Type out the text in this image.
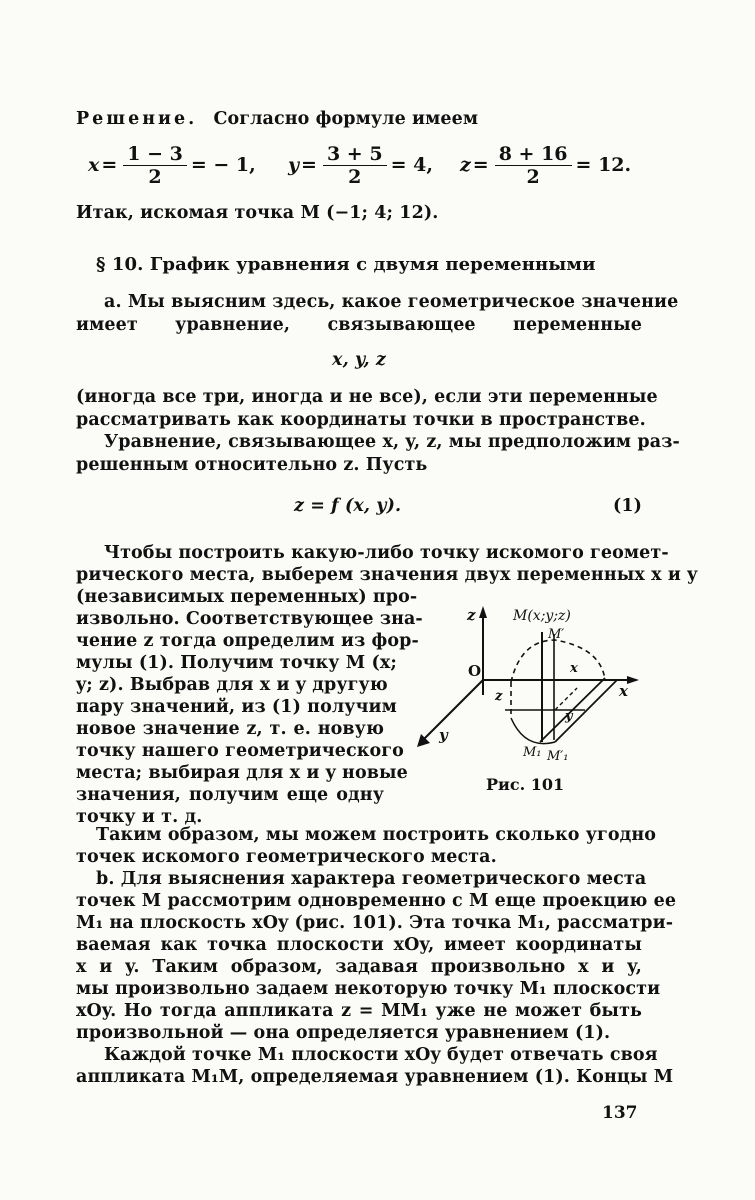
Решение. Согласно формуле имеем
$x = \frac{1 - 3}{2}$ = − 1, $y = \frac{3 + 5}{2} = 4$, $z = \frac{8 + 16}{2} = 12$.
Итак, искомая точка M (−1; 4; 12).
§ 10. График уравнения с двумя переменными
a. Мы выясним здесь, какое геометрическое значение
имеет уравнение, связывающее переменные
x, y, z
(иногда все три, иногда и не все), если эти переменные
рассматривать как координаты точки в пространстве.
Уравнение, связывающее x, y, z, мы предположим раз-
решенным относительно z. Пусть
z = f (x, y).	(1)
Чтобы построить какую-либо точку искомого геомет-
рического места, выберем значения двух переменных x и y
(независимых переменных) про-
извольно. Соответствующее зна-
чение z тогда определим из фор-
мулы (1). Получим точку M (x;
y; z). Выбрав для x и y другую
пару значений, из (1) получим
новое значение z, т. е. новую
точку нашего геометрического
места; выбирая для x и y новые
значения, получим еще одну
точку и т. д.
z	M(x;y;z)
M′
O
x
x
z
y
y
M₁ M′₁
Рис. 101
Таким образом, мы можем построить сколько угодно
точек искомого геометрического места.
b. Для выяснения характера геометрического места
точек M рассмотрим одновременно с M еще проекцию ее
M₁ на плоскость xOy (рис. 101). Эта точка M₁, рассматри-
ваемая как точка плоскости xOy, имеет координаты
x и y. Таким образом, задавая произвольно x и y,
мы произвольно задаем некоторую точку M₁ плоскости
xOy. Но тогда аппликата z = MM₁ уже не может быть
произвольной — она определяется уравнением (1).
Каждой точке M₁ плоскости xOy будет отвечать своя
аппликата M₁M, определяемая уравнением (1). Концы M
137
